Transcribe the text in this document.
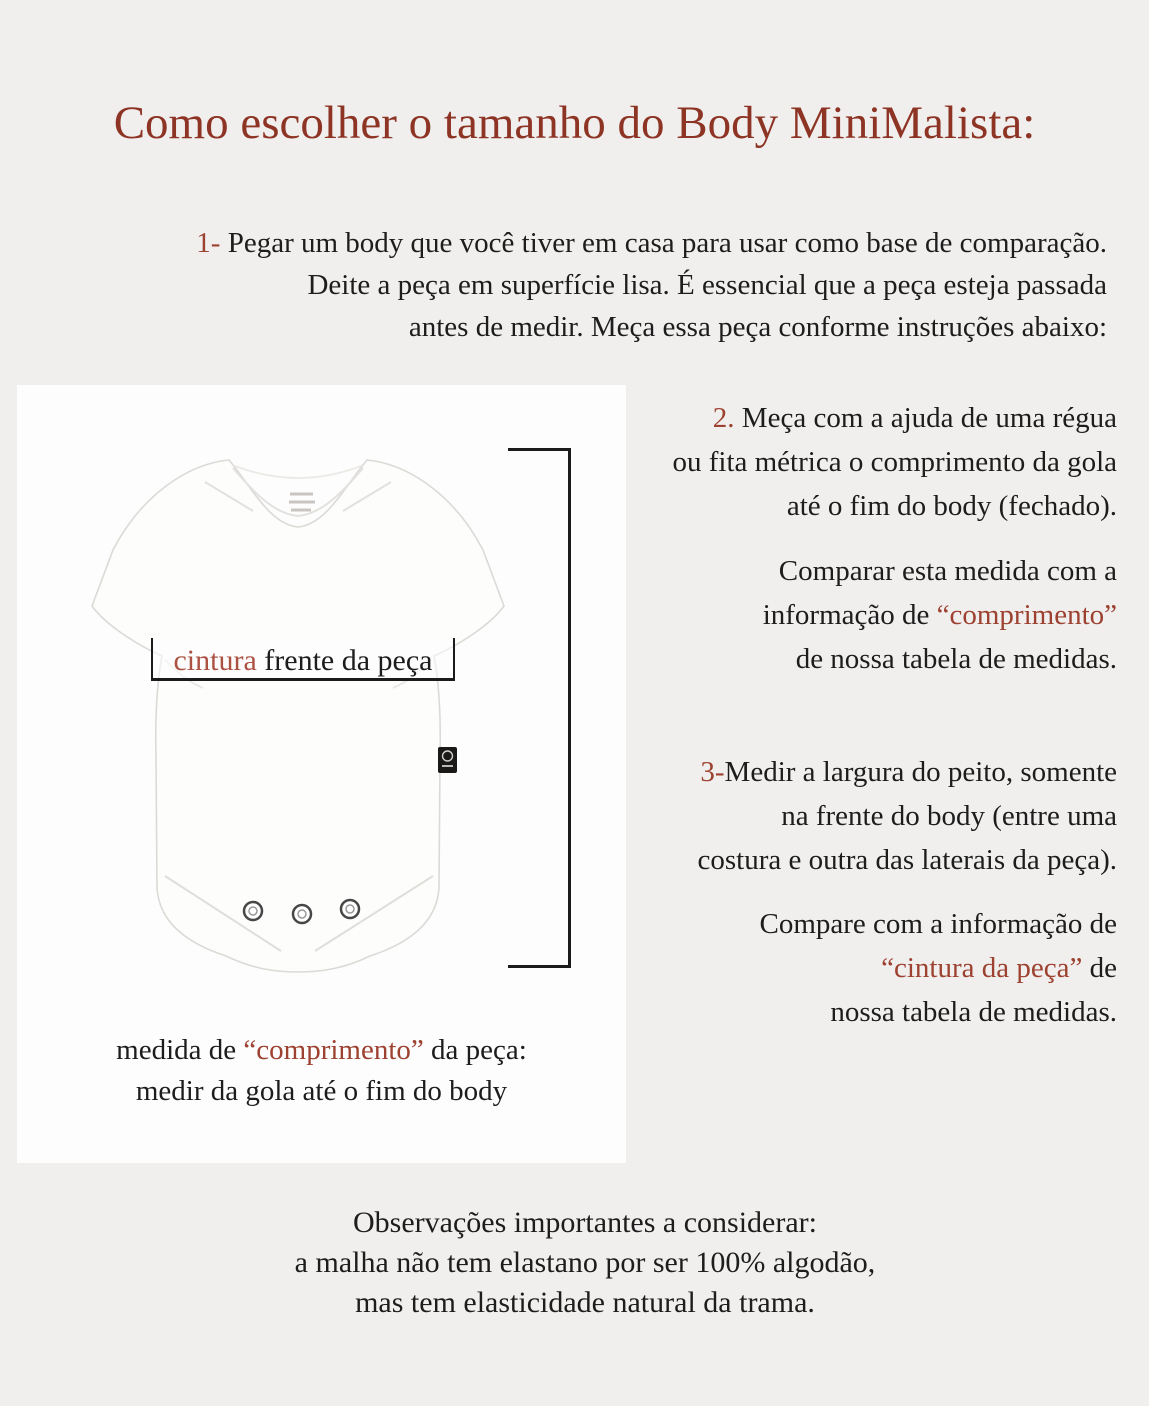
Como escolher o tamanho do Body MiniMalista:
1- Pegar um body que você tiver em casa para usar como base de comparação.
Deite a peça em superfície lisa. É essencial que a peça esteja passada
antes de medir. Meça essa peça conforme instruções abaixo:
cintura frente da peça
medida de “comprimento” da peça:
medir da gola até o fim do body
2. Meça com a ajuda de uma régua
ou fita métrica o comprimento da gola
até o fim do body (fechado).
Comparar esta medida com a
informação de “comprimento”
de nossa tabela de medidas.
3-Medir a largura do peito, somente
na frente do body (entre uma
costura e outra das laterais da peça).
Compare com a informação de
“cintura da peça” de
nossa tabela de medidas.
Observações importantes a considerar:
a malha não tem elastano por ser 100% algodão,
mas tem elasticidade natural da trama.
